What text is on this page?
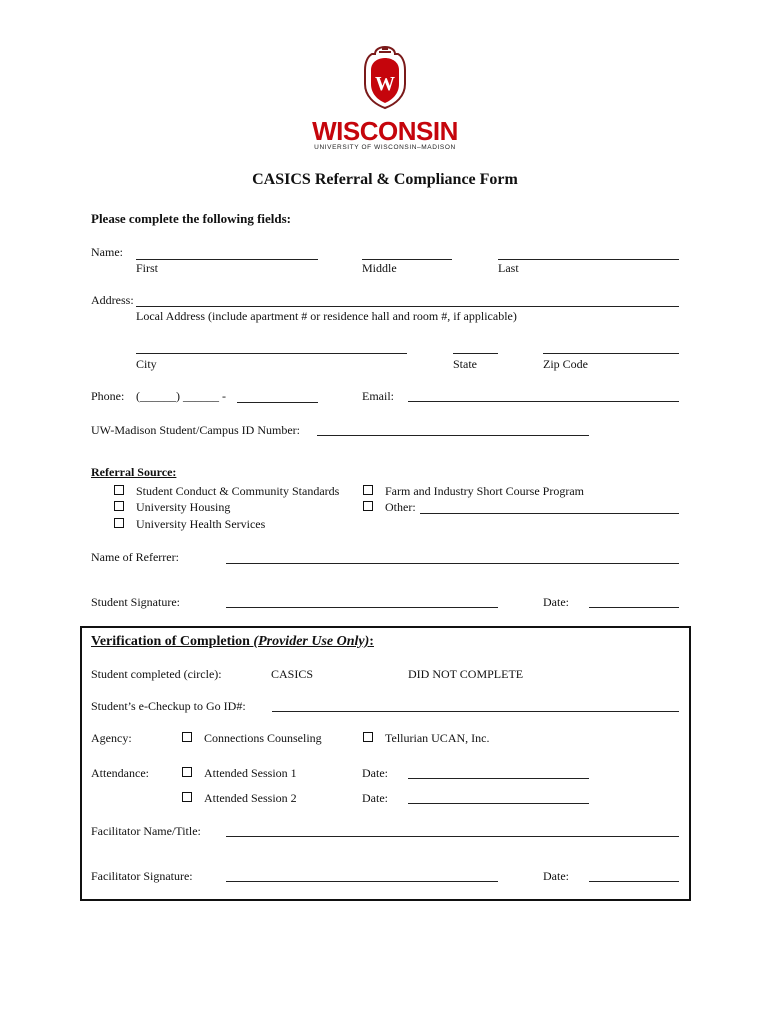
W
WISCONSIN
UNIVERSITY OF WISCONSIN–MADISON
CASICS Referral & Compliance Form
Please complete the following fields:
Name:
First	Middle	Last
Address:
Local Address (include apartment # or residence hall and room #, if applicable)
City	State	Zip Code
Phone: (______) ______ -	Email:
UW-Madison Student/Campus ID Number:
Referral Source:
Student Conduct & Community Standards
University Housing
University Health Services
Farm and Industry Short Course Program
Other:
Name of Referrer:
Student Signature:	Date:
Verification of Completion (Provider Use Only):
Student completed (circle):	CASICS	DID NOT COMPLETE
Student’s e-Checkup to Go ID#:
Agency:	Connections Counseling	Tellurian UCAN, Inc.
Attendance:	Attended Session 1	Date:
Attended Session 2	Date:
Facilitator Name/Title:
Facilitator Signature:	Date:
